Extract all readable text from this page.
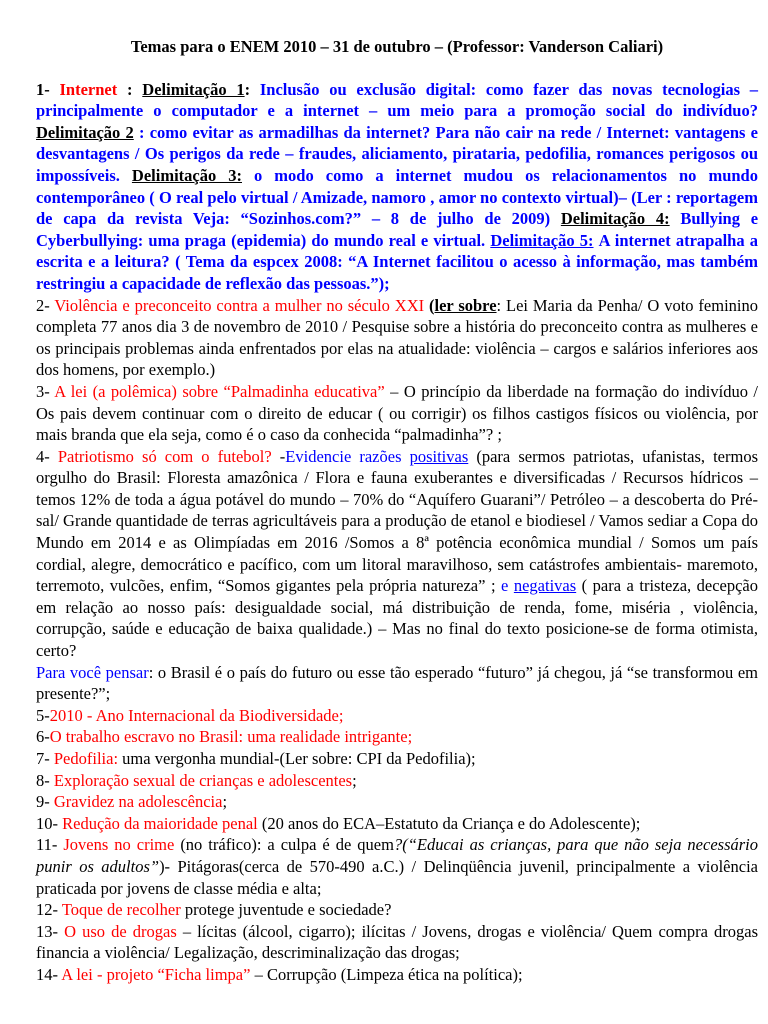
Temas para o ENEM 2010 – 31 de outubro – (Professor: Vanderson Caliari)

1- Internet : Delimitação 1: Inclusão ou exclusão digital: como fazer das novas tecnologias – principalmente o computador e a internet – um meio para a promoção social do indivíduo? Delimitação 2 : como evitar as armadilhas da internet? Para não cair na rede / Internet: vantagens e desvantagens / Os perigos da rede – fraudes, aliciamento, pirataria, pedofilia, romances perigosos ou impossíveis. Delimitação 3: o modo como a internet mudou os relacionamentos no mundo contemporâneo ( O real pelo virtual / Amizade, namoro , amor no contexto virtual)– (Ler : reportagem de capa da revista Veja: “Sozinhos.com?” – 8 de julho de 2009) Delimitação 4: Bullying e Cyberbullying: uma praga (epidemia) do mundo real e virtual. Delimitação 5: A internet atrapalha a escrita e a leitura? ( Tema da espcex 2008: “A Internet facilitou o acesso à informação, mas também restringiu a capacidade de reflexão das pessoas.”);

2- Violência e preconceito contra a mulher no século XXI (ler sobre: Lei Maria da Penha/ O voto feminino completa 77 anos dia 3 de novembro de 2010 / Pesquise sobre a história do preconceito contra as mulheres e os principais problemas ainda enfrentados por elas na atualidade: violência – cargos e salários inferiores aos dos homens, por exemplo.)

3- A lei (a polêmica) sobre “Palmadinha educativa” – O princípio da liberdade na formação do indivíduo / Os pais devem continuar com o direito de educar ( ou corrigir) os filhos castigos físicos ou violência, por mais branda que ela seja, como é o caso da conhecida “palmadinha”? ;

4- Patriotismo só com o futebol? -Evidencie razões positivas (para sermos patriotas, ufanistas, termos orgulho do Brasil: Floresta amazônica / Flora e fauna exuberantes e diversificadas / Recursos hídricos – temos 12% de toda a água potável do mundo – 70% do “Aquífero Guarani”/ Petróleo – a descoberta do Pré-sal/ Grande quantidade de terras agricultáveis para a produção de etanol e biodiesel / Vamos sediar a Copa do Mundo em 2014 e as Olimpíadas em 2016 /Somos a 8ª potência econômica mundial / Somos um país cordial, alegre, democrático e pacífico, com um litoral maravilhoso, sem catástrofes ambientais- maremoto, terremoto, vulcões, enfim, “Somos gigantes pela própria natureza” ; e negativas ( para a tristeza, decepção em relação ao nosso país: desigualdade social, má distribuição de renda, fome, miséria , violência, corrupção, saúde e educação de baixa qualidade.) – Mas no final do texto posicione-se de forma otimista, certo?
Para você pensar: o Brasil é o país do futuro ou esse tão esperado “futuro” já chegou, já “se transformou em presente?”;

5-2010 - Ano Internacional da Biodiversidade;

6-O trabalho escravo no Brasil: uma realidade intrigante;

7- Pedofilia: uma vergonha mundial-(Ler sobre: CPI da Pedofilia);

8- Exploração sexual de crianças e adolescentes;

9- Gravidez na adolescência;

10- Redução da maioridade penal (20 anos do ECA–Estatuto da Criança e do Adolescente);

11- Jovens no crime (no tráfico): a culpa é de quem?(“Educai as crianças, para que não seja necessário punir os adultos”)- Pitágoras(cerca de 570-490 a.C.) / Delinqüência juvenil, principalmente a violência praticada por jovens de classe média e alta;

12- Toque de recolher protege juventude e sociedade?

13- O uso de drogas – lícitas (álcool, cigarro); ilícitas / Jovens, drogas e violência/ Quem compra drogas financia a violência/ Legalização, descriminalização das drogas;

14- A lei - projeto “Ficha limpa” – Corrupção (Limpeza ética na política);
